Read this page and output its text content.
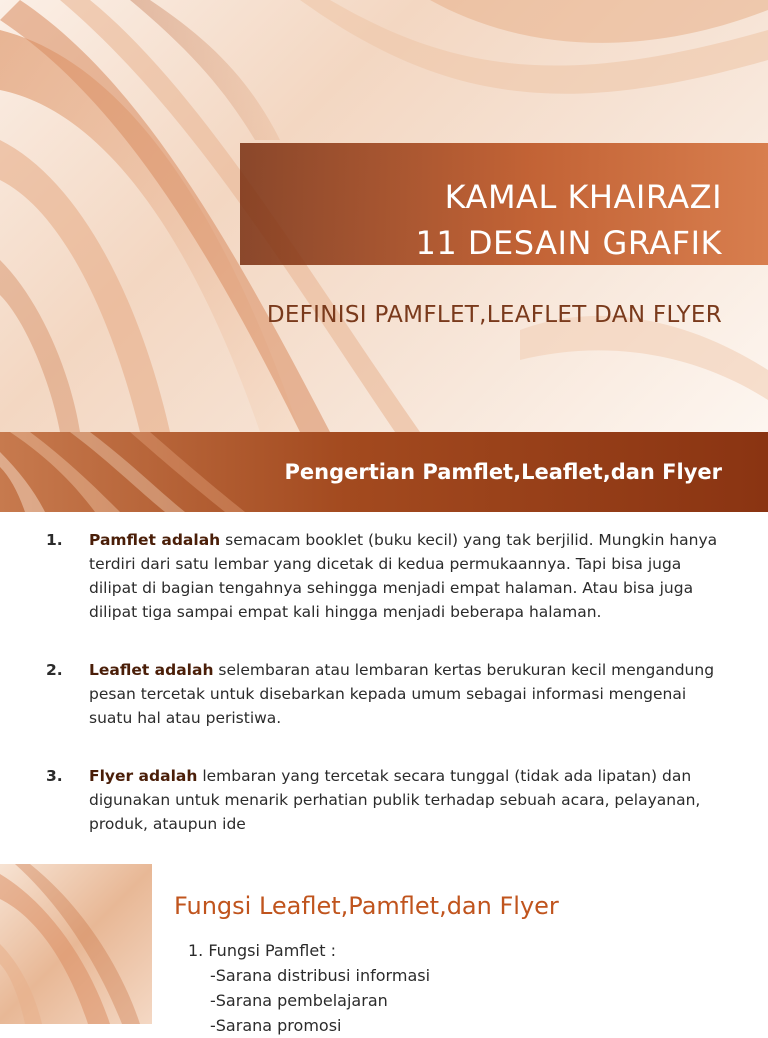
KAMAL KHAIRAZI
11 DESAIN GRAFIK
DEFINISI PAMFLET,LEAFLET DAN FLYER
Pengertian Pamflet,Leaflet,dan Flyer
1.	Pamflet adalah semacam booklet (buku kecil) yang tak berjilid. Mungkin hanya terdiri dari satu lembar yang dicetak di kedua permukaannya. Tapi bisa juga dilipat di bagian tengahnya sehingga menjadi empat halaman. Atau bisa juga dilipat tiga sampai empat kali hingga menjadi beberapa halaman.
2.	Leaflet adalah selembaran atau lembaran kertas berukuran kecil mengandung pesan tercetak untuk disebarkan kepada umum sebagai informasi mengenai suatu hal atau peristiwa.
3.	Flyer adalah lembaran yang tercetak secara tunggal (tidak ada lipatan) dan digunakan untuk menarik perhatian publik terhadap sebuah acara, pelayanan, produk, ataupun ide
Fungsi Leaflet,Pamflet,dan Flyer
1. Fungsi Pamflet :
-Sarana distribusi informasi
-Sarana pembelajaran
-Sarana promosi
